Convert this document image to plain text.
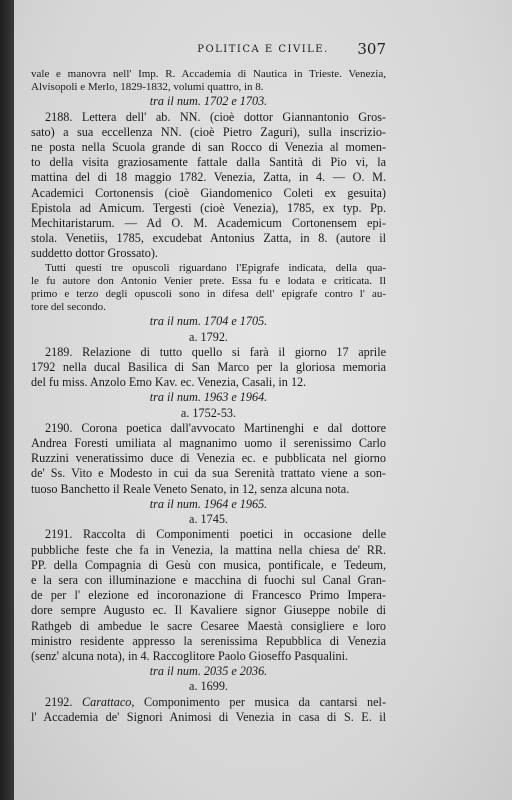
POLITICA E CIVILE.	307
vale e manovra nell' Imp. R. Accademia di Nautica in Trieste. Venezia,
Alvisopoli e Merlo, 1829-1832, volumi quattro, in 8.
tra il num. 1702 e 1703.
2188. Lettera dell' ab. NN. (cioè dottor Giannantonio Gros-
sato) a sua eccellenza NN. (cioè Pietro Zaguri), sulla inscrizio-
ne posta nella Scuola grande di san Rocco di Venezia al momen-
to della visita graziosamente fattale dalla Santità di Pio vi, la
mattina del di 18 maggio 1782. Venezia, Zatta, in 4. — O. M.
Academici Cortonensis (cioè Giandomenico Coleti ex gesuita)
Epistola ad Amicum. Tergesti (cioè Venezia), 1785, ex typ. Pp.
Mechitaristarum. — Ad O. M. Academicum Cortonensem epi-
stola. Venetiis, 1785, excudebat Antonius Zatta, in 8. (autore il
suddetto dottor Grossato).
Tutti questi tre opuscoli riguardano l'Epigrafe indicata, della qua-
le fu autore don Antonio Venier prete. Essa fu e lodata e criticata. Il
primo e terzo degli opuscoli sono in difesa dell' epigrafe contro l' au-
tore del secondo.
tra il num. 1704 e 1705.
a. 1792.
2189. Relazione di tutto quello si farà il giorno 17 aprile
1792 nella ducal Basilica di San Marco per la gloriosa memoria
del fu miss. Anzolo Emo Kav. ec. Venezia, Casali, in 12.
tra il num. 1963 e 1964.
a. 1752-53.
2190. Corona poetica dall'avvocato Martinenghi e dal dottore
Andrea Foresti umiliata al magnanimo uomo il serenissimo Carlo
Ruzzini veneratissimo duce di Venezia ec. e pubblicata nel giorno
de' Ss. Vito e Modesto in cui da sua Serenità trattato viene a son-
tuoso Banchetto il Reale Veneto Senato, in 12, senza alcuna nota.
tra il num. 1964 e 1965.
a. 1745.
2191. Raccolta di Componimenti poetici in occasione delle
pubbliche feste che fa in Venezia, la mattina nella chiesa de' RR.
PP. della Compagnia di Gesù con musica, pontificale, e Tedeum,
e la sera con illuminazione e macchina di fuochi sul Canal Gran-
de per l' elezione ed incoronazione di Francesco Primo Impera-
dore sempre Augusto ec. Il Kavaliere signor Giuseppe nobile di
Rathgeb di ambedue le sacre Cesaree Maestà consigliere e loro
ministro residente appresso la serenissima Repubblica di Venezia
(senz' alcuna nota), in 4. Raccoglitore Paolo Gioseffo Pasqualini.
tra il num. 2035 e 2036.
a. 1699.
2192. Carattaco, Componimento per musica da cantarsi nel-
l' Accademia de' Signori Animosi di Venezia in casa di S. E. il
